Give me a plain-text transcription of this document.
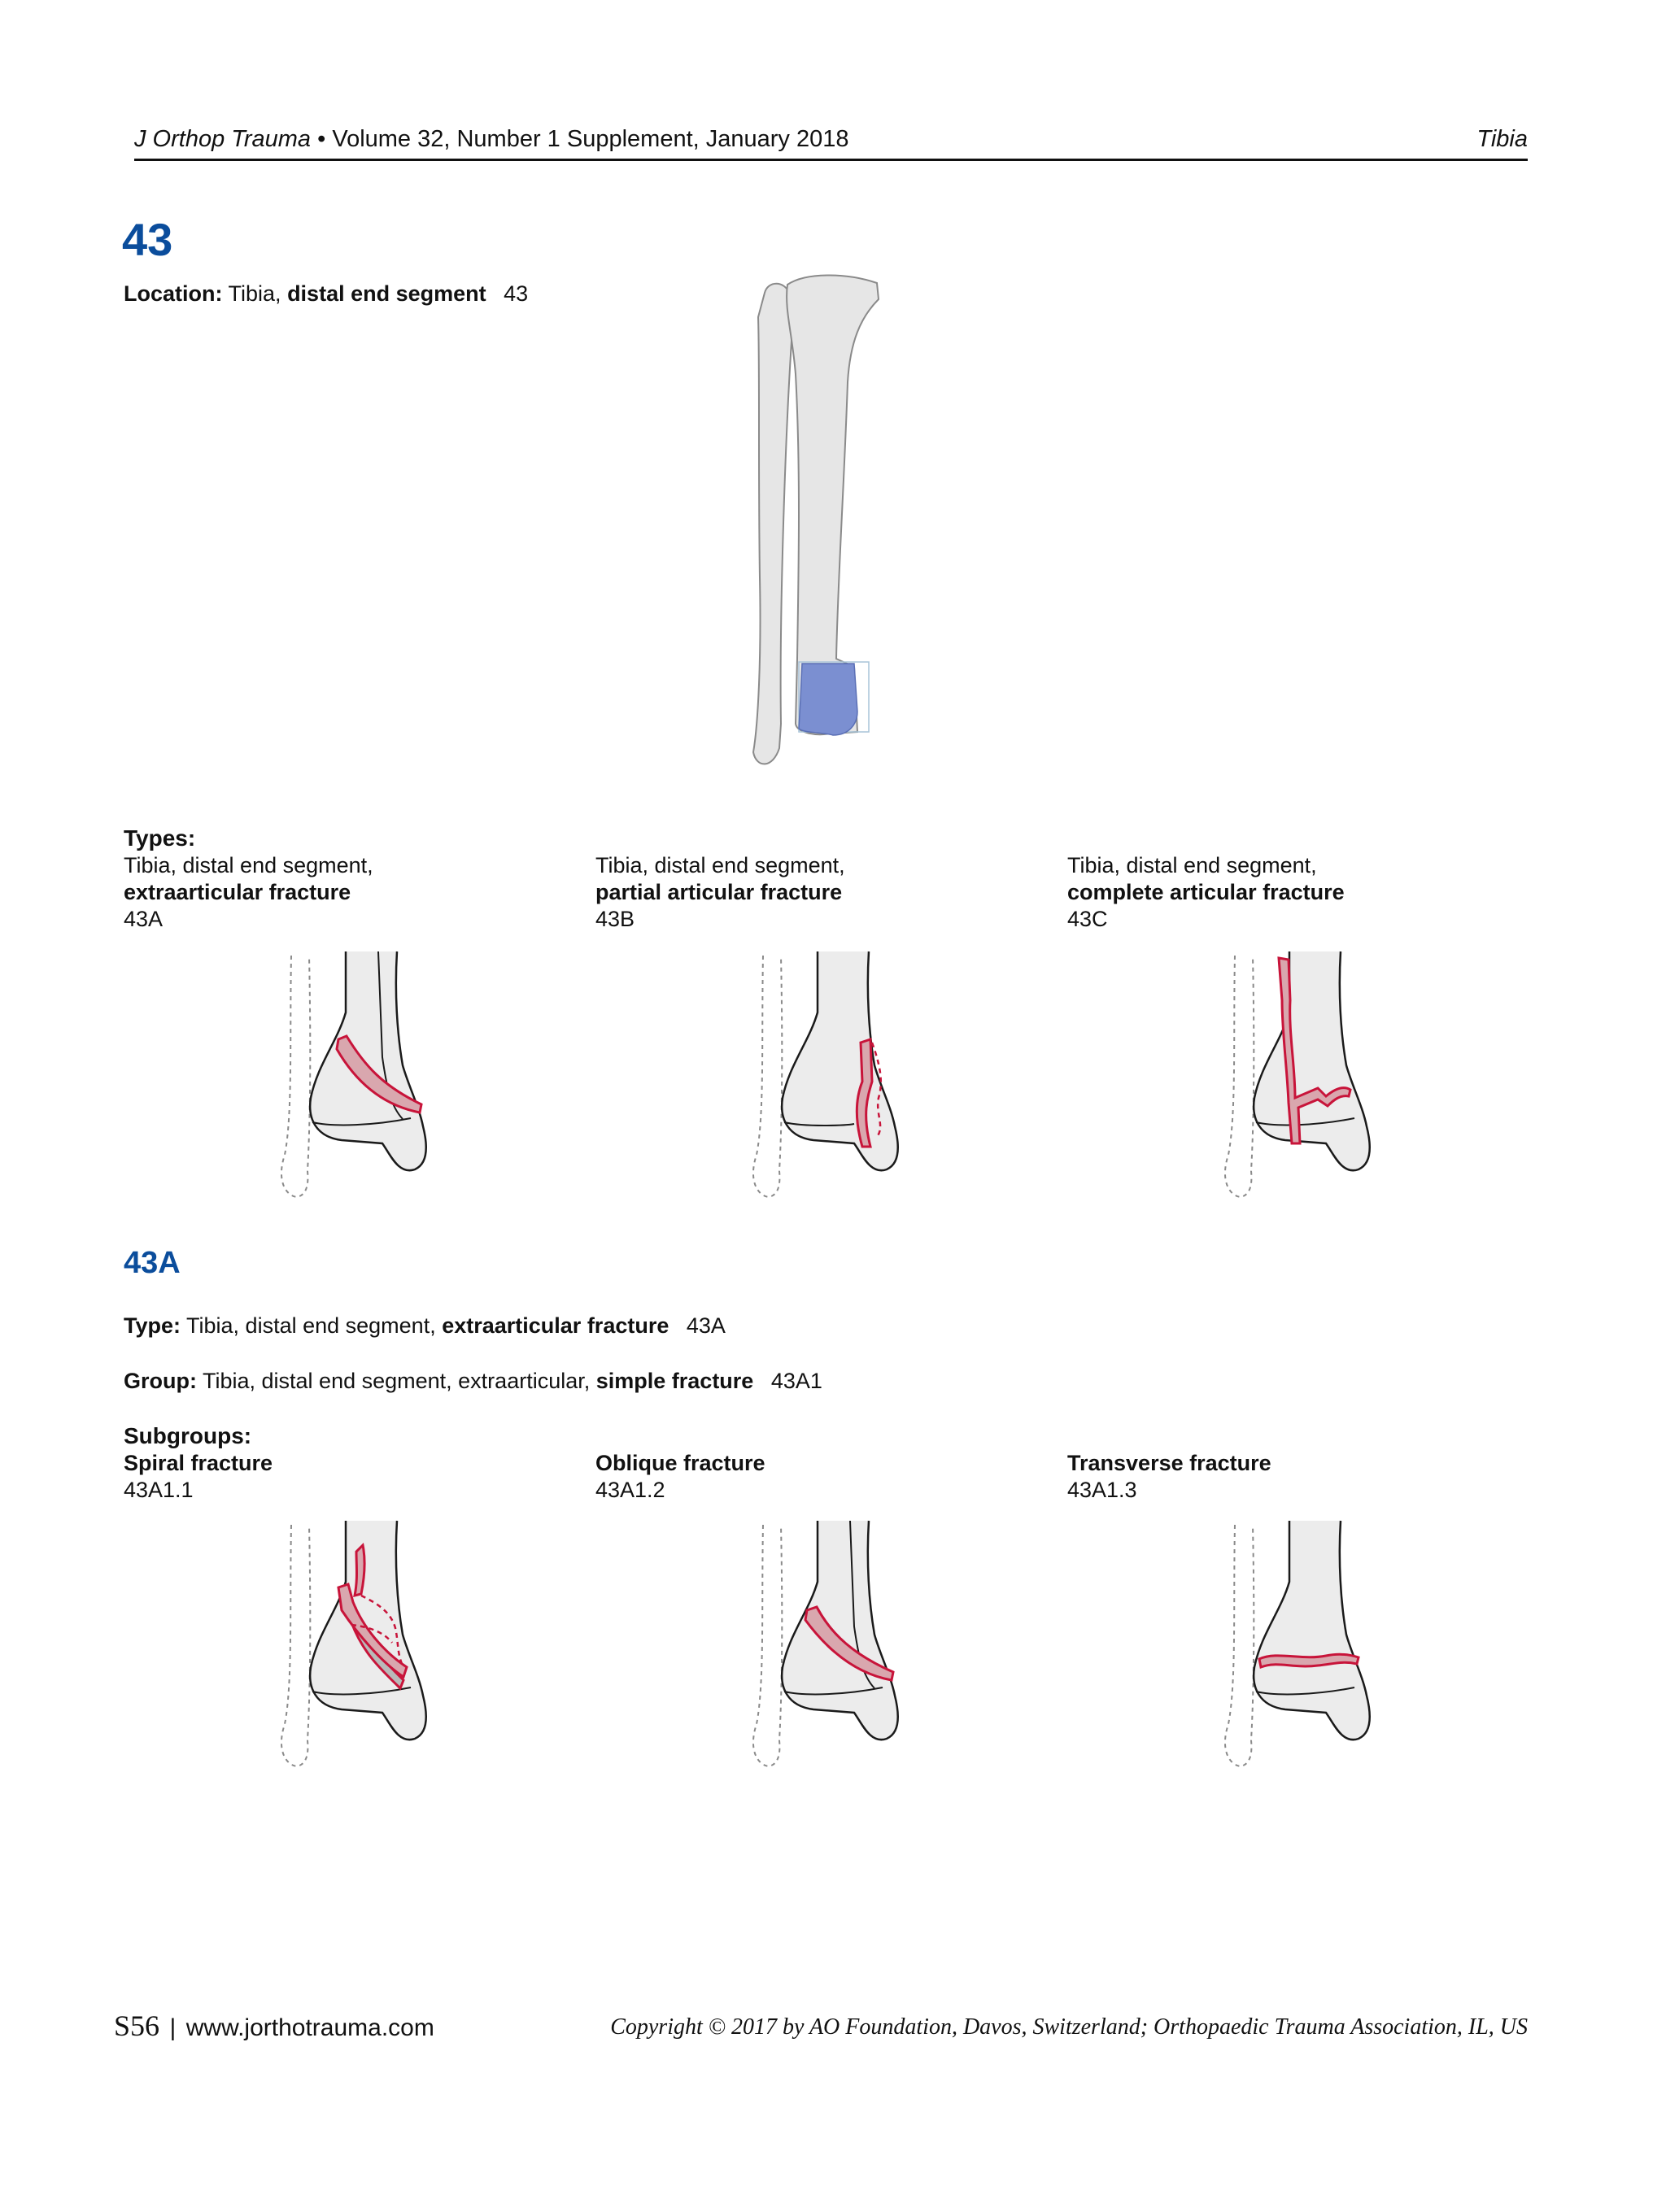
J Orthop Trauma • Volume 32, Number 1 Supplement, January 2018	Tibia
43
Location: Tibia, distal end segment 43
Types:
Tibia, distal end segment,
extraarticular fracture
43A
Tibia, distal end segment,
partial articular fracture
43B
Tibia, distal end segment,
complete articular fracture
43C
43A
Type: Tibia, distal end segment, extraarticular fracture 43A
Group: Tibia, distal end segment, extraarticular, simple fracture 43A1
Subgroups:
Spiral fracture
43A1.1
Oblique fracture
43A1.2
Transverse fracture
43A1.3
S56 | www.jorthotrauma.com	Copyright © 2017 by AO Foundation, Davos, Switzerland; Orthopaedic Trauma Association, IL, US
